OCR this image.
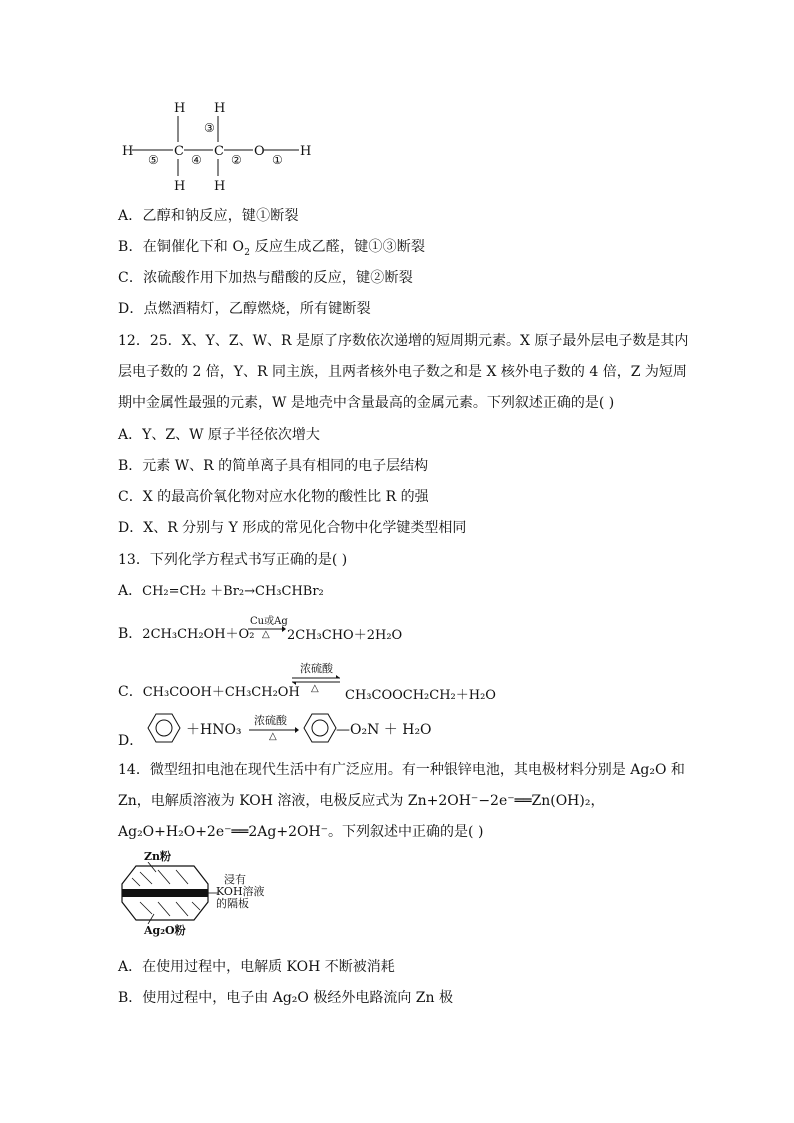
H H
H	C C O	H
H H
⑤	④
③
②	①
A．乙醇和钠反应，键①断裂
B．在铜催化下和 $O_2$ 反应生成乙醛，键①③断裂
C．浓硫酸作用下加热与醋酸的反应，键②断裂
D．点燃酒精灯，乙醇燃烧，所有键断裂
12．25．X、Y、Z、W、R 是原了序数依次递增的短周期元素。X 原子最外层电子数是其内
层电子数的 2 倍，Y、R 同主族，且两者核外电子数之和是 X 核外电子数的 4 倍，Z 为短周
期中金属性最强的元素，W 是地壳中含量最高的金属元素。下列叙述正确的是( )
A．Y、Z、W 原子半径依次增大
B．元素 W、R 的简单离子具有相同的电子层结构
C．X 的最高价氧化物对应水化物的酸性比 R 的强
D．X、R 分别与 Y 形成的常见化合物中化学键类型相同
13．下列化学方程式书写正确的是( )
A．CH₂=CH₂ ＋Br₂→CH₃CHBr₂
B．2CH₃CH₂OH＋O₂
Cu或Ag
△ 2CH₃CHO＋2H₂O
浓硫酸
△
C．CH₃COOH＋CH₃CH₂OH	CH₃COOCH₂CH₂＋H₂O
D．
＋HNO₃
浓硫酸
△	—O₂N ＋ H₂O
14．微型纽扣电池在现代生活中有广泛应用。有一种银锌电池，其电极材料分别是 Ag₂O 和
Zn，电解质溶液为 KOH 溶液，电极反应式为 Zn+2OH⁻−2e⁻══Zn(OH)₂，
Ag₂O+H₂O+2e⁻══2Ag+2OH⁻。下列叙述中正确的是( )
Zn粉
Ag₂O粉
浸有
KOH溶液
的隔板
A．在使用过程中，电解质 KOH 不断被消耗
B．使用过程中，电子由 Ag₂O 极经外电路流向 Zn 极
